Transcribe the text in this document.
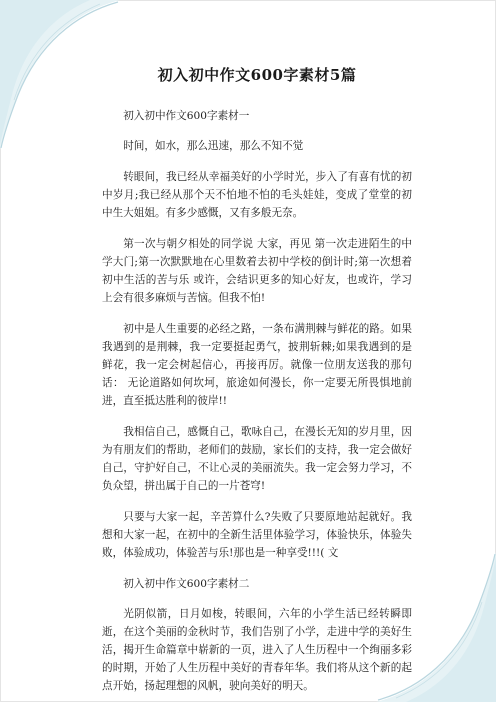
初入初中作文600字素材5篇

初入初中作文600字素材一

时间，如水，那么迅速，那么不知不觉

转眼间，我已经从幸福美好的小学时光，步入了有喜有忧的初中岁月;我已经从那个天不怕地不怕的毛头娃娃，变成了堂堂的初中生大姐姐。有多少感慨，又有多般无奈。

第一次与朝夕相处的同学说 大家，再见 第一次走进陌生的中学大门;第一次默默地在心里数着去初中学校的倒计时;第一次想着初中生活的苦与乐 或许，会结识更多的知心好友，也或许，学习上会有很多麻烦与苦恼。但我不怕!

初中是人生重要的必经之路，一条布满荆棘与鲜花的路。如果我遇到的是荆棘，我一定要挺起勇气，披荆斩棘;如果我遇到的是鲜花，我一定会树起信心，再接再厉。就像一位朋友送我的那句话： 无论道路如何坎坷，旅途如何漫长，你一定要无所畏惧地前进，直至抵达胜利的彼岸!!

我相信自己，感慨自己，歌咏自己，在漫长无知的岁月里，因为有朋友们的帮助，老师们的鼓励，家长们的支持，我一定会做好自己，守护好自己，不让心灵的美丽流失。我一定会努力学习，不负众望，拼出属于自己的一片苍穹!

只要与大家一起，辛苦算什么?失败了只要原地站起就好。我想和大家一起，在初中的全新生活里体验学习，体验快乐，体验失败，体验成功，体验苦与乐!那也是一种享受!!!( 文

初入初中作文600字素材二

光阴似箭，日月如梭，转眼间，六年的小学生活已经转瞬即逝，在这个美丽的金秋时节，我们告别了小学，走进中学的美好生活，揭开生命篇章中崭新的一页，进入了人生历程中一个绚丽多彩的时期，开始了人生历程中美好的青春年华。我们将从这个新的起点开始，扬起理想的风帆，驶向美好的明天。
